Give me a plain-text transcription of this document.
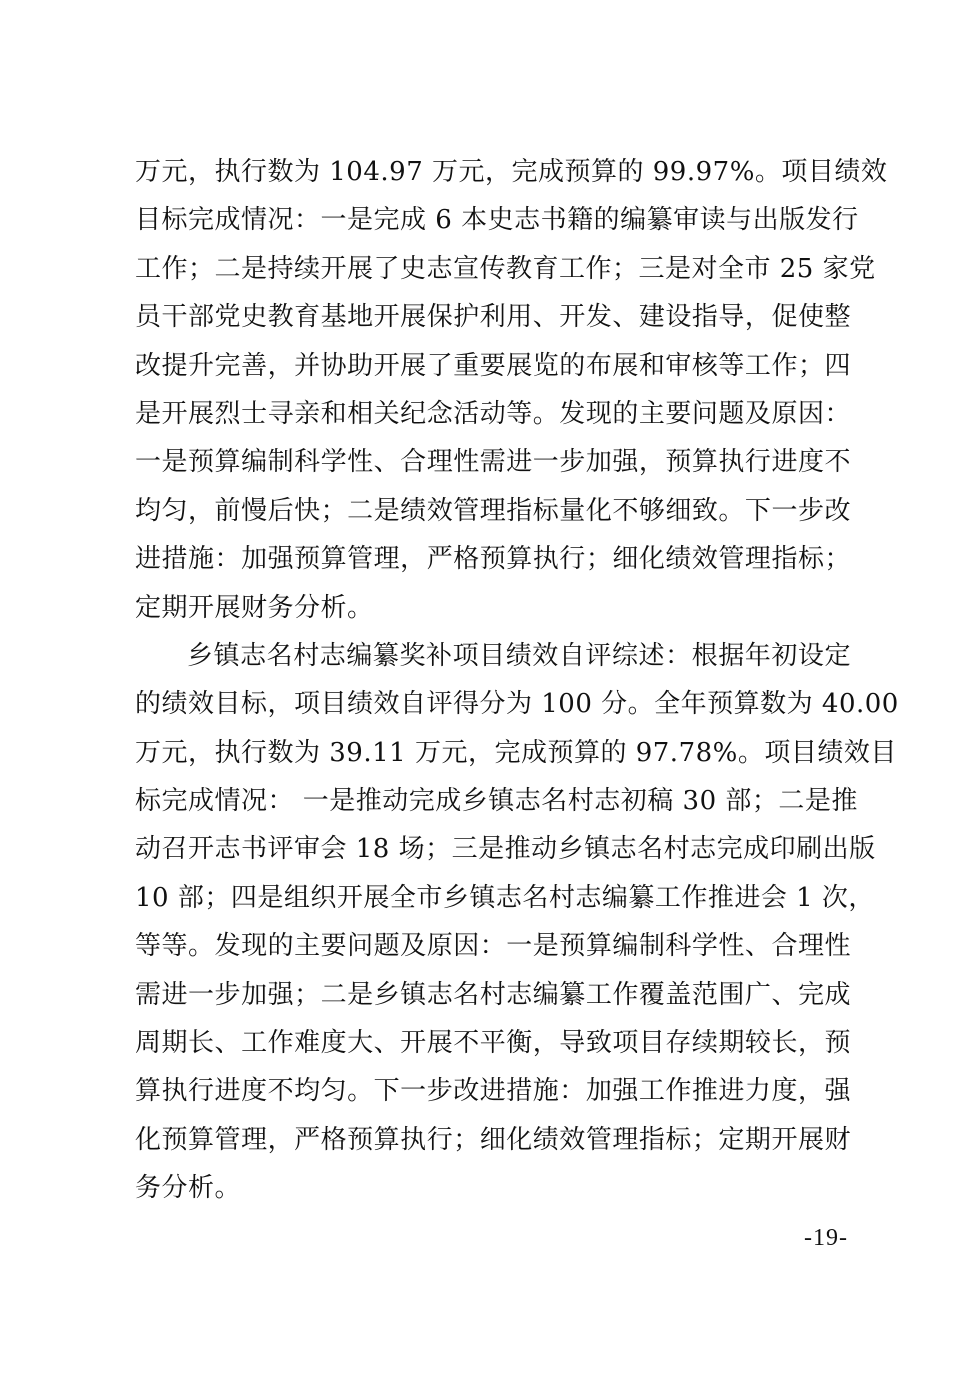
万元，执行数为 104.97 万元，完成预算的 99.97%。项目绩效
目标完成情况：一是完成 6 本史志书籍的编纂审读与出版发行
工作；二是持续开展了史志宣传教育工作；三是对全市 25 家党
员干部党史教育基地开展保护利用、开发、建设指导，促使整
改提升完善，并协助开展了重要展览的布展和审核等工作；四
是开展烈士寻亲和相关纪念活动等。发现的主要问题及原因：
一是预算编制科学性、合理性需进一步加强，预算执行进度不
均匀，前慢后快；二是绩效管理指标量化不够细致。下一步改
进措施：加强预算管理，严格预算执行；细化绩效管理指标；
定期开展财务分析。
乡镇志名村志编纂奖补项目绩效自评综述：根据年初设定
的绩效目标，项目绩效自评得分为 100 分。全年预算数为 40.00
万元，执行数为 39.11 万元，完成预算的 97.78%。项目绩效目
标完成情况： 一是推动完成乡镇志名村志初稿 30 部；二是推
动召开志书评审会 18 场；三是推动乡镇志名村志完成印刷出版
10 部；四是组织开展全市乡镇志名村志编纂工作推进会 1 次，
等等。发现的主要问题及原因：一是预算编制科学性、合理性
需进一步加强；二是乡镇志名村志编纂工作覆盖范围广、完成
周期长、工作难度大、开展不平衡，导致项目存续期较长，预
算执行进度不均匀。下一步改进措施：加强工作推进力度，强
化预算管理，严格预算执行；细化绩效管理指标；定期开展财
务分析。
-19-
